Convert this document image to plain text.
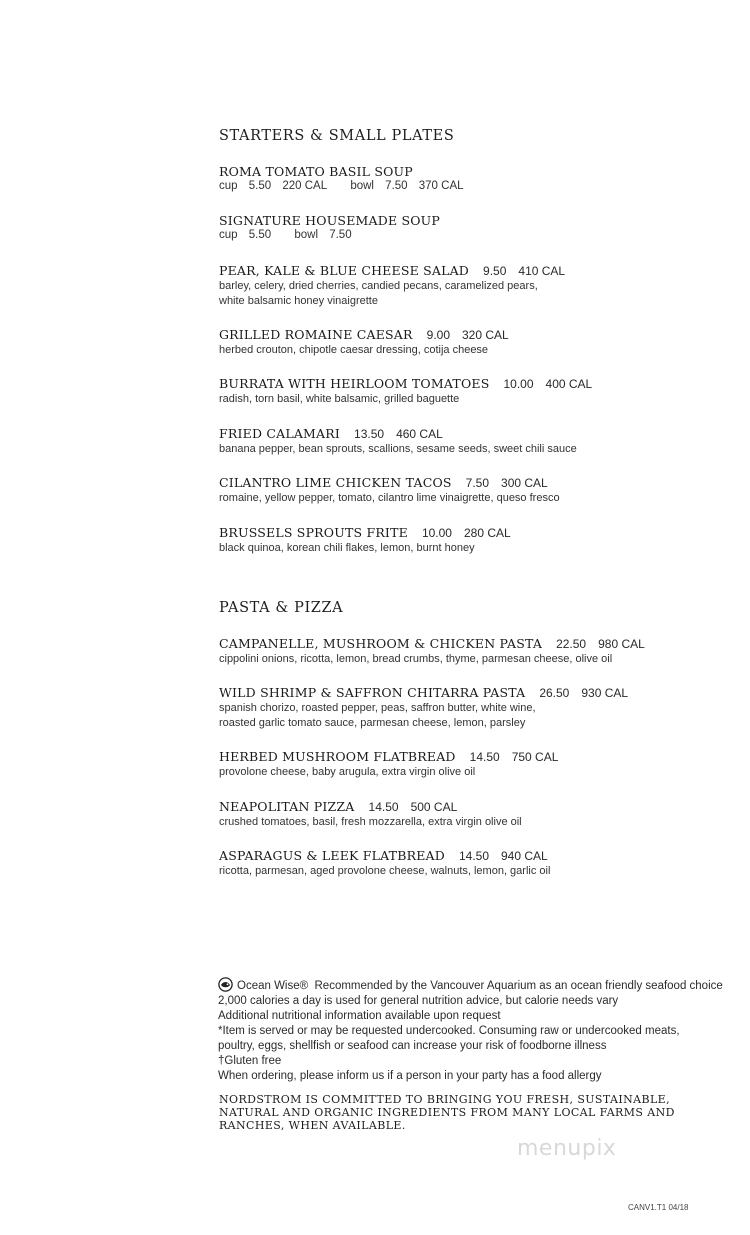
STARTERS & SMALL PLATES
ROMA TOMATO BASIL SOUP
cup 5.50 220 CAL bowl 7.50 370 CAL
SIGNATURE HOUSEMADE SOUP
cup 5.50 bowl 7.50
PEAR, KALE & BLUE CHEESE SALAD 9.50 410 CAL
barley, celery, dried cherries, candied pecans, caramelized pears,
white balsamic honey vinaigrette
GRILLED ROMAINE CAESAR 9.00 320 CAL
herbed crouton, chipotle caesar dressing, cotija cheese
BURRATA WITH HEIRLOOM TOMATOES 10.00 400 CAL
radish, torn basil, white balsamic, grilled baguette
FRIED CALAMARI 13.50 460 CAL
banana pepper, bean sprouts, scallions, sesame seeds, sweet chili sauce
CILANTRO LIME CHICKEN TACOS 7.50 300 CAL
romaine, yellow pepper, tomato, cilantro lime vinaigrette, queso fresco
BRUSSELS SPROUTS FRITE 10.00 280 CAL
black quinoa, korean chili flakes, lemon, burnt honey
PASTA & PIZZA
CAMPANELLE, MUSHROOM & CHICKEN PASTA 22.50 980 CAL
cippolini onions, ricotta, lemon, bread crumbs, thyme, parmesan cheese, olive oil
WILD SHRIMP & SAFFRON CHITARRA PASTA 26.50 930 CAL
spanish chorizo, roasted pepper, peas, saffron butter, white wine,
roasted garlic tomato sauce, parmesan cheese, lemon, parsley
HERBED MUSHROOM FLATBREAD 14.50 750 CAL
provolone cheese, baby arugula, extra virgin olive oil
NEAPOLITAN PIZZA 14.50 500 CAL
crushed tomatoes, basil, fresh mozzarella, extra virgin olive oil
ASPARAGUS & LEEK FLATBREAD 14.50 940 CAL
ricotta, parmesan, aged provolone cheese, walnuts, lemon, garlic oil
Ocean Wise® Recommended by the Vancouver Aquarium as an ocean friendly seafood choice
2,000 calories a day is used for general nutrition advice, but calorie needs vary
Additional nutritional information available upon request
*Item is served or may be requested undercooked. Consuming raw or undercooked meats, poultry, eggs, shellfish or seafood can increase your risk of foodborne illness
†Gluten free
When ordering, please inform us if a person in your party has a food allergy
NORDSTROM IS COMMITTED TO BRINGING YOU FRESH, SUSTAINABLE, NATURAL AND ORGANIC INGREDIENTS FROM MANY LOCAL FARMS AND RANCHES, WHEN AVAILABLE.
menupix
CANV1.T1 04/18
